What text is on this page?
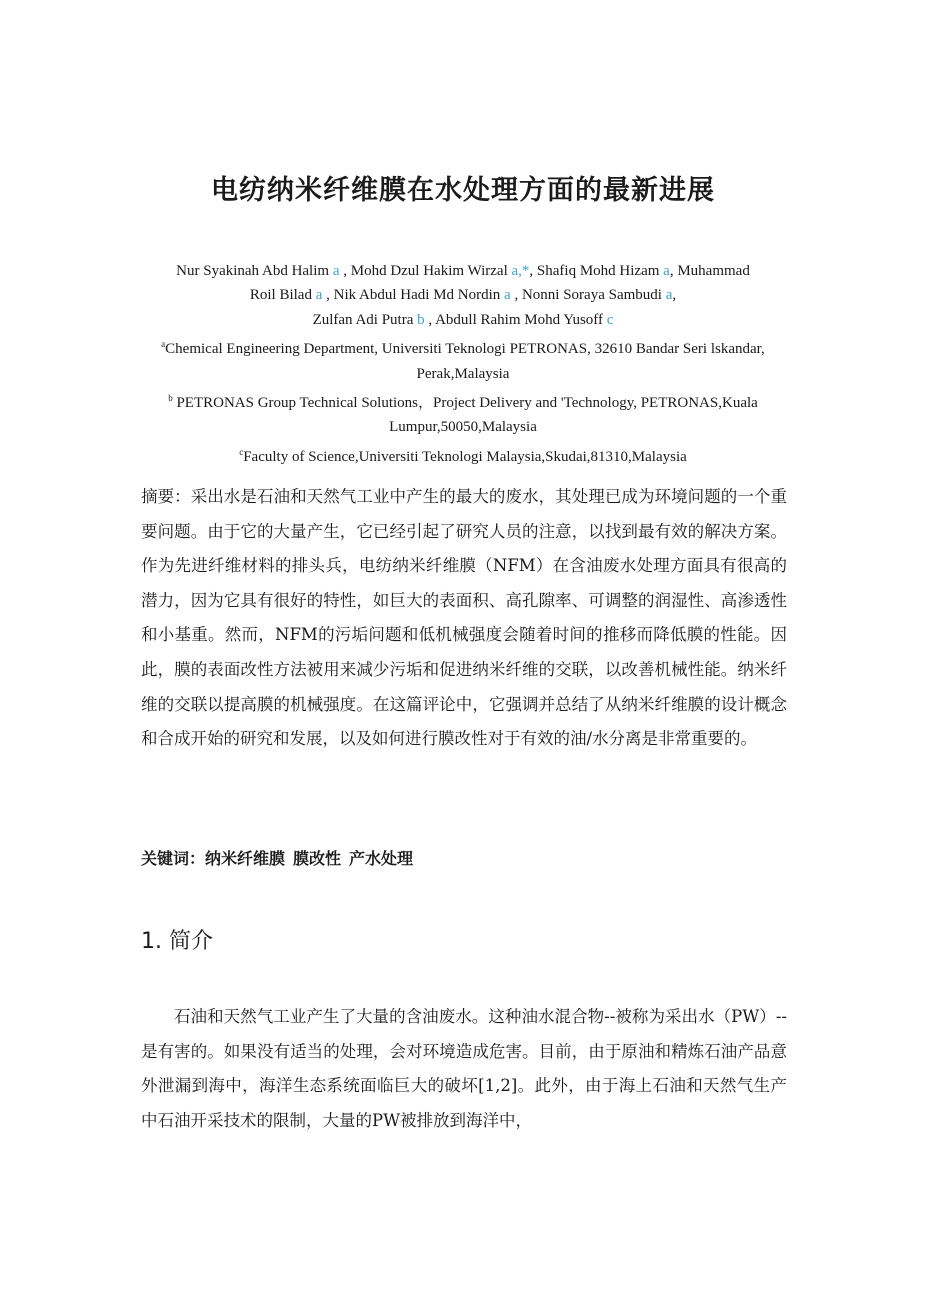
电纺纳米纤维膜在水处理方面的最新进展
Nur Syakinah Abd Halim a , Mohd Dzul Hakim Wirzal a,*, Shafiq Mohd Hizam a, Muhammad
Roil Bilad a , Nik Abdul Hadi Md Nordin a , Nonni Soraya Sambudi a,
Zulfan Adi Putra b , Abdull Rahim Mohd Yusoff c
$^a$Chemical Engineering Department, Universiti Teknologi PETRONAS, 32610 Bandar Seri lskandar, Perak,Malaysia
$^b$ PETRONAS Group Technical Solutions，Project Delivery and 'Technology, PETRONAS,Kuala Lumpur,50050,Malaysia
$^c$Faculty of Science,Universiti Teknologi Malaysia,Skudai,81310,Malaysia
摘要：采出水是石油和天然气工业中产生的最大的废水，其处理已成为环境问题的一个重要问题。由于它的大量产生，它已经引起了研究人员的注意，以找到最有效的解决方案。作为先进纤维材料的排头兵，电纺纳米纤维膜（NFM）在含油废水处理方面具有很高的潜力，因为它具有很好的特性，如巨大的表面积、高孔隙率、可调整的润湿性、高渗透性和小基重。然而，NFM的污垢问题和低机械强度会随着时间的推移而降低膜的性能。因此，膜的表面改性方法被用来减少污垢和促进纳米纤维的交联，以改善机械性能。纳米纤维的交联以提高膜的机械强度。在这篇评论中，它强调并总结了从纳米纤维膜的设计概念和合成开始的研究和发展，以及如何进行膜改性对于有效的油/水分离是非常重要的。
关键词：纳米纤维膜 膜改性 产水处理
1. 简介
石油和天然气工业产生了大量的含油废水。这种油水混合物--被称为采出水（PW）--是有害的。如果没有适当的处理，会对环境造成危害。目前，由于原油和精炼石油产品意外泄漏到海中，海洋生态系统面临巨大的破坏[1,2]。此外，由于海上石油和天然气生产中石油开采技术的限制，大量的PW被排放到海洋中，
